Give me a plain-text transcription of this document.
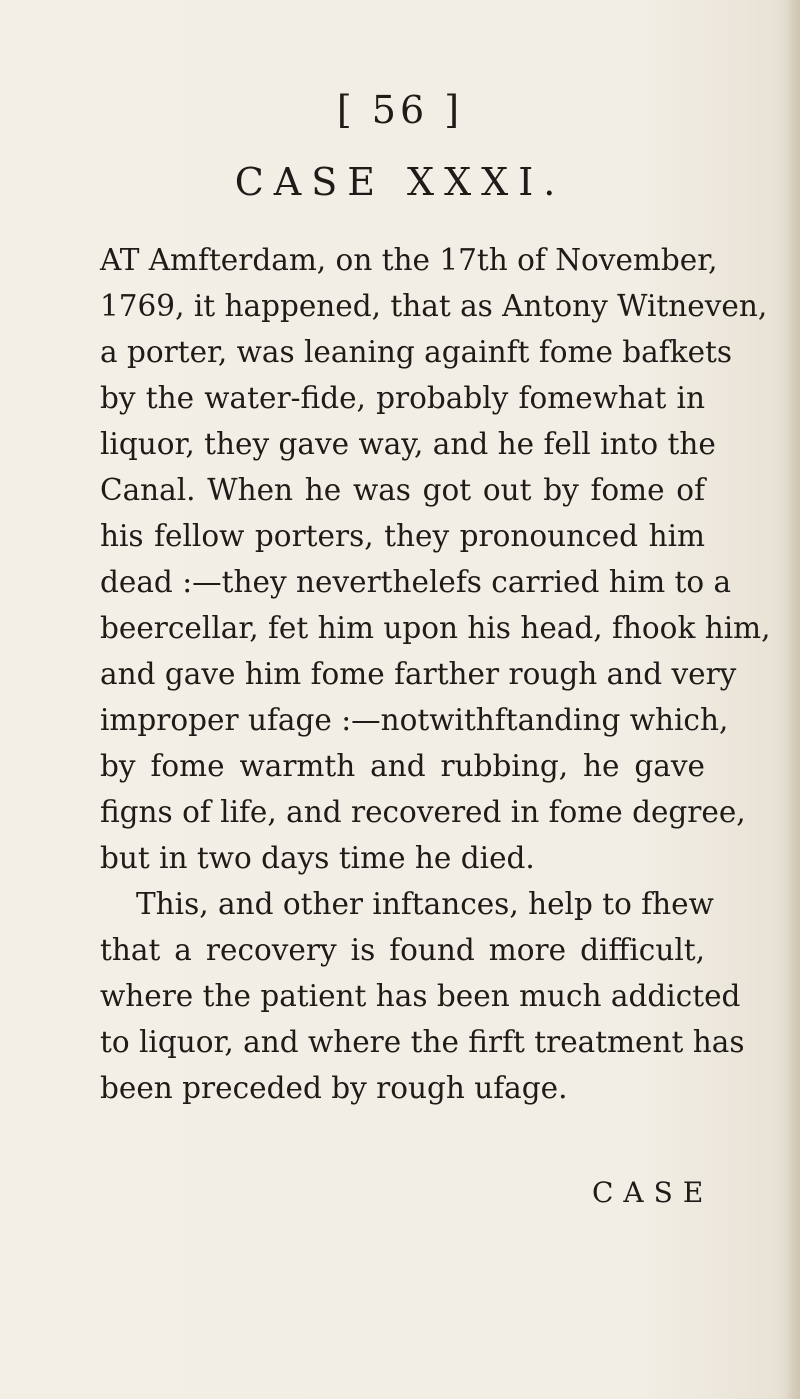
[ 56 ]
CASE XXXI.
AT Amfterdam, on the 17th of November,
1769, it happened, that as Antony Witneven,
a porter, was leaning againft fome bafkets
by the water-fide, probably fomewhat in
liquor, they gave way, and he fell into the
Canal. When he was got out by fome of
his fellow porters, they pronounced him
dead :—they neverthelefs carried him to a
beercellar, fet him upon his head, fhook him,
and gave him fome farther rough and very
improper ufage :—notwithftanding which,
by fome warmth and rubbing, he gave
figns of life, and recovered in fome degree,
but in two days time he died.
This, and other inftances, help to fhew
that a recovery is found more difficult,
where the patient has been much addicted
to liquor, and where the firft treatment has
been preceded by rough ufage.
CASE
